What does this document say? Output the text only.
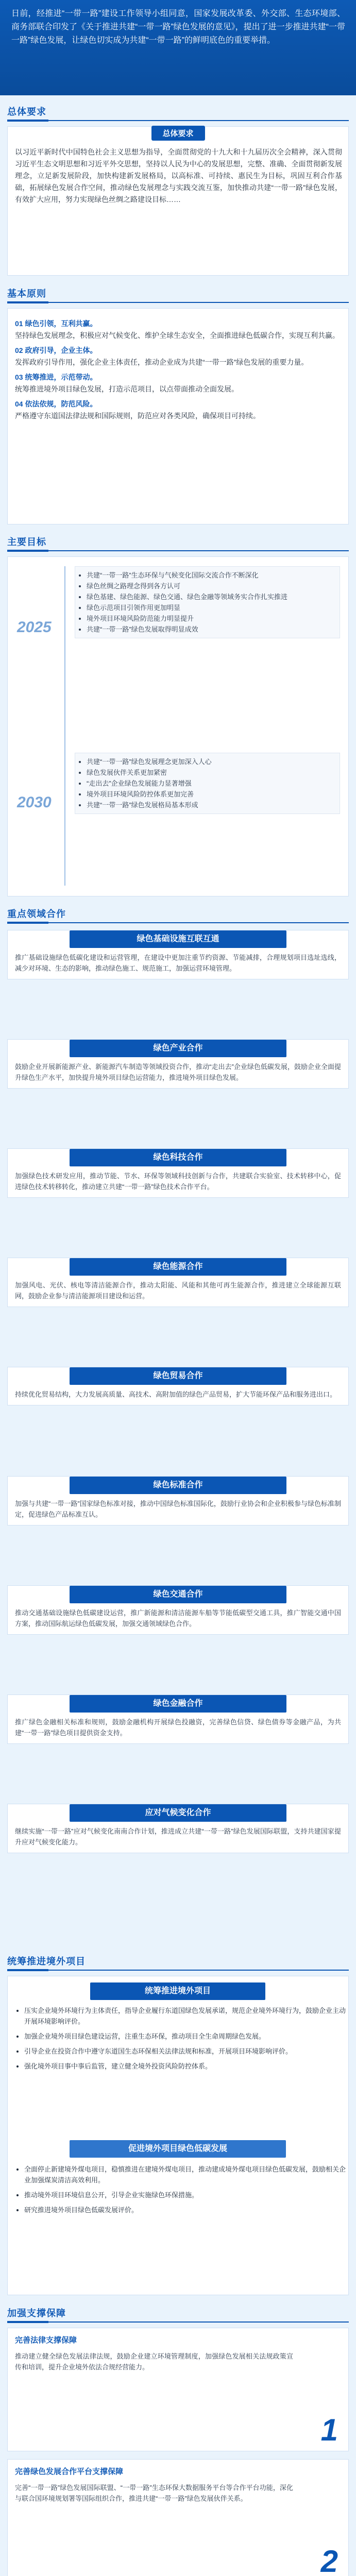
日前，经推进“一带一路”建设工作领导小组同意，国家发展改革委、外交部、生态环境部、商务部联合印发了《关于推进共建“一带一路”绿色发展的意见》，提出了进一步推进共建“一带一路”绿色发展，让绿色切实成为共建“一带一路”的鲜明底色的重要举措。

总体要求
总体要求

以习近平新时代中国特色社会主义思想为指导，全面贯彻党的十九大和十九届历次全会精神，深入贯彻习近平生态文明思想和习近平外交思想，坚持以人民为中心的发展思想，完整、准确、全面贯彻新发展理念，立足新发展阶段，加快构建新发展格局，以高标准、可持续、惠民生为目标，巩固互利合作基础，拓展绿色发展合作空间，推动绿色发展理念与实践交流互鉴，加快推动共建“一带一路”绿色发展，有效扩大应用，努力实现绿色丝绸之路建设目标……

基本原则

01 绿色引领，互利共赢。

坚持绿色发展理念，积极应对气候变化、维护全球生态安全，全面推进绿色低碳合作，实现互利共赢。

02 政府引导，企业主体。

发挥政府引导作用，强化企业主体责任，推动企业成为共建“一带一路”绿色发展的重要力量。

03 统筹推进，示范带动。

统筹推进境外项目绿色发展，打造示范项目，以点带面推动全面发展。

04 依法依规，防范风险。

严格遵守东道国法律法规和国际规则，防范应对各类风险，确保项目可持续。

主要目标
2025
• 共建“一带一路”生态环保与气候变化国际交流合作不断深化
• 绿色丝绸之路理念得到各方认可
• 绿色基建、绿色能源、绿色交通、绿色金融等领域务实合作扎实推进
• 绿色示范项目引领作用更加明显
• 境外项目环境风险防范能力明显提升
• 共建“一带一路”绿色发展取得明显成效
2030
• 共建“一带一路”绿色发展理念更加深入人心
• 绿色发展伙伴关系更加紧密
• “走出去”企业绿色发展能力显著增强
• 境外项目环境风险防控体系更加完善
• 共建“一带一路”绿色发展格局基本形成
重点领域合作
绿色基础设施互联互通

推广基础设施绿色低碳化建设和运营管理，在建设中更加注重节约资源、节能减排，合理规划项目选址选线，减少对环境、生态的影响，推动绿色施工、规范施工，加强运营环境管理。

绿色产业合作

鼓励企业开展新能源产业、新能源汽车制造等领域投资合作，推动“走出去”企业绿色低碳发展，鼓励企业全面提升绿色生产水平，加快提升境外项目绿色运营能力，推进境外项目绿色发展。

绿色科技合作

加强绿色技术研发应用，推动节能、节水、环保等领域科技创新与合作，共建联合实验室、技术转移中心，促进绿色技术转移转化，推动建立共建“一带一路”绿色技术合作平台。

绿色能源合作

加强风电、光伏、核电等清洁能源合作，推动太阳能、风能和其他可再生能源合作，推进建立全球能源互联网，鼓励企业参与清洁能源项目建设和运营。

绿色贸易合作

持续优化贸易结构，大力发展高质量、高技术、高附加值的绿色产品贸易，扩大节能环保产品和服务进出口。

绿色标准合作

加强与共建“一带一路”国家绿色标准对接，推动中国绿色标准国际化，鼓励行业协会和企业积极参与绿色标准制定，促进绿色产品标准互认。

绿色交通合作

推动交通基础设施绿色低碳建设运营，推广新能源和清洁能源车船等节能低碳型交通工具，推广智能交通中国方案，推动国际航运绿色低碳发展，加强交通领域绿色合作。

绿色金融合作

推广绿色金融相关标准和规则，鼓励金融机构开展绿色投融资，完善绿色信贷、绿色债券等金融产品，为共建“一带一路”绿色项目提供资金支持。

应对气候变化合作

继续实施“一带一路”应对气候变化南南合作计划，推进成立共建“一带一路”绿色发展国际联盟，支持共建国家提升应对气候变化能力。

统筹推进境外项目
统筹推进境外项目
• 压实企业境外环境行为主体责任，指导企业履行东道国绿色发展承诺，规范企业境外环境行为，鼓励企业主动开展环境影响评价。
• 加强企业境外项目绿色建设运营，注重生态环保，推动项目全生命周期绿色发展。
• 引导企业在投资合作中遵守东道国生态环保相关法律法规和标准，开展项目环境影响评价。
• 强化境外项目事中事后监管，建立健全境外投资风险防控体系。
促进境外项目绿色低碳发展
• 全面停止新建境外煤电项目，稳慎推进在建境外煤电项目，推动建成境外煤电项目绿色低碳发展，鼓励相关企业加强煤炭清洁高效利用。
• 推动境外项目环境信息公开，引导企业实施绿色环保措施。
• 研究推进境外项目绿色低碳发展评价。
加强支撑保障
完善法律支撑保障

推动建立健全绿色发展法律法规，鼓励企业建立环境管理制度，加强绿色发展相关法规政策宣传和培训，提升企业境外依法合规经营能力。

1
完善绿色发展合作平台支撑保障

完善“一带一路”绿色发展国际联盟、“一带一路”生态环保大数据服务平台等合作平台功能，深化与联合国环境规划署等国际组织合作，推进共建“一带一路”绿色发展伙伴关系。

2
